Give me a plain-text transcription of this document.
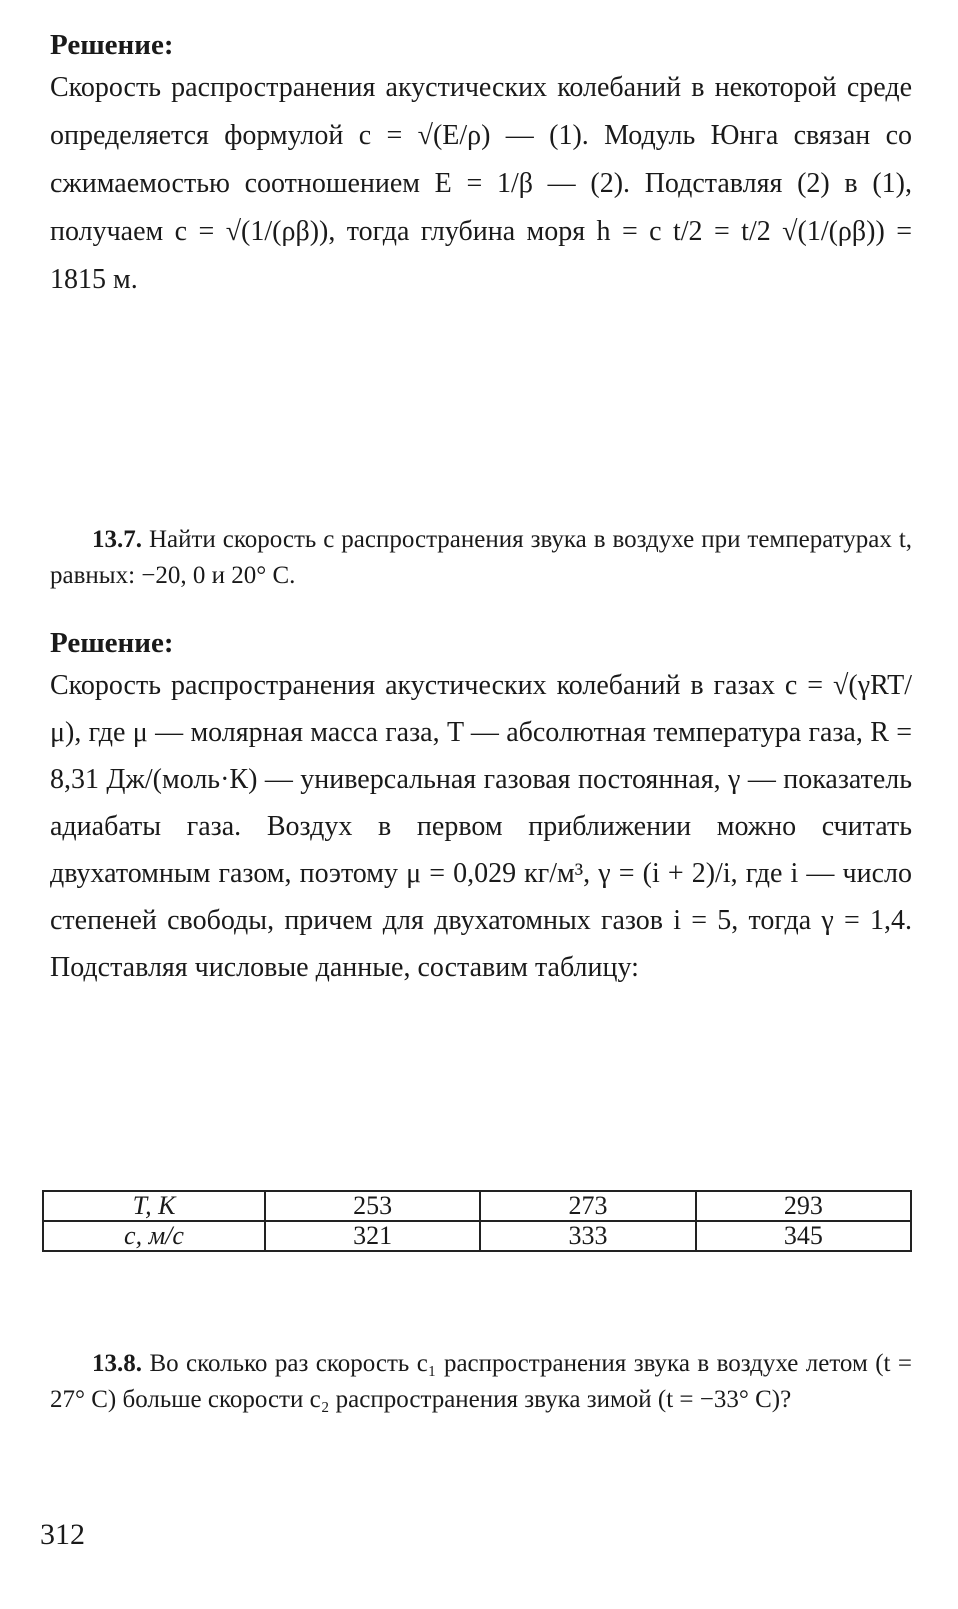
Решение:
Скорость распространения акустических колебаний в некоторой среде определяется формулой c = √(E/ρ) — (1). Модуль Юнга связан со сжимаемостью соотношением E = 1/β — (2). Подставляя (2) в (1), получаем c = √(1/(ρβ)), тогда глубина моря h = c t/2 = t/2 √(1/(ρβ)) = 1815 м.
13.7. Найти скорость c распространения звука в воздухе при температурах t, равных: −20, 0 и 20° C.
Решение:
Скорость распространения акустических колебаний в газах c = √(γRT/μ), где μ — молярная масса газа, T — абсолютная температура газа, R = 8,31 Дж/(моль·К) — универсальная газовая постоянная, γ — показатель адиабаты газа. Воздух в первом приближении можно считать двухатомным газом, поэтому μ = 0,029 кг/м³, γ = (i + 2)/i, где i — число степеней свободы, причем для двухатомных газов i = 5, тогда γ = 1,4. Подставляя числовые данные, составим таблицу:
T, К	253	273	293
c, м/с	321	333	345
13.8. Во сколько раз скорость c₁ распространения звука в воздухе летом (t = 27° C) больше скорости c₂ распространения звука зимой (t = −33° C)?
312
